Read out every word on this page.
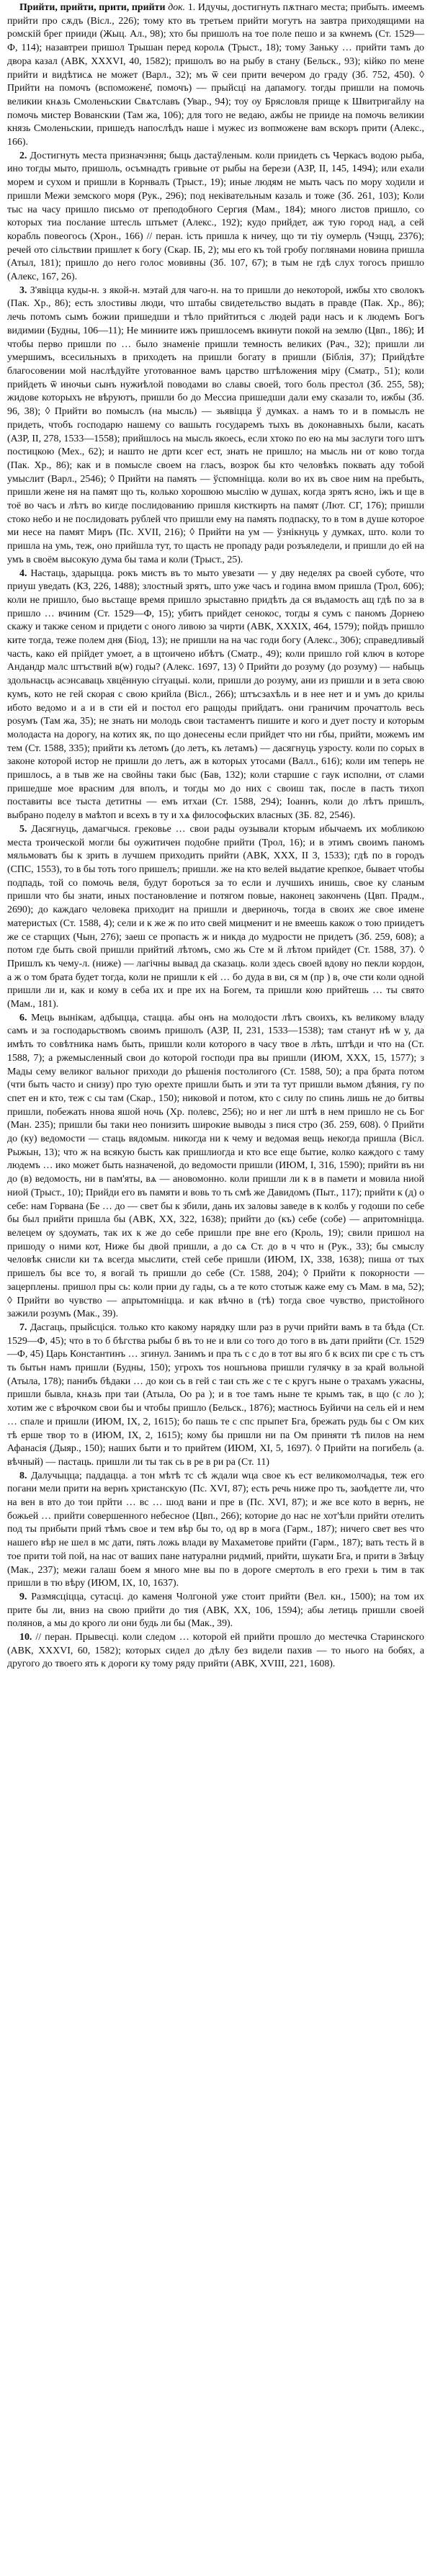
Прийти, прийти, прити, прийти док. 1. Идучы, достигнуть пѫтнаго места; прибыть. имеемъ прийти про сѫдъ (Вісл., 226); тому кто въ третьем прийти могутъ на завтра приходящими на ромскій брег прииди (Жыц. Ал., 98); хто бы пришолъ на тое поле пешо и за кѡнемъ (Ст. 1529—Ф, 114); назавтреи пришол Трышан перед королѧ (Трыст., 18); тому Заньку … прийти тамъ до двора казал (АВК, XXXVI, 40, 1582); пришолъ во на рыбу в стану (Бельск., 93); кійко по мене прийти и видѣтисѧ не может (Варл., 32); мъ ѿ сеи прити вечером до граду (Зб. 752, 450). ◊ Прийти на помочъ (вспоможене̑, помочъ) — прыйсці на дапамогу. тогды пришли на помочь великии кнѧзь Смоленьскии Свѧтславъ (Увар., 94); тоу оу Брясловля прище к Швитригайлу на помочь мистер Вованскии (Там жа, 106); для того не ведаю, ажбы не прииде на помочь великии князь Смоленьскии, пришедъ напослѣдъ наше і мужес из вопможене вам вскоръ прити (Алекс., 166).

2. Достигнуть места призначэння; быць дастаўленым. коли приидеть съ Черкасъ водою рыба, ино тогды мыто, пришоль, осъмнадть гривьне от рыбы на берези (АЗР, II, 145, 1494); или ехали морем и сухом и пришли в Корнвалъ (Трыст., 19); иные людям не мыть часъ по мору ходили и пришли Межи земского моря (Рук., 296); под неківательным казаль и тоже (Зб. 261, 103); Коли тыс на часу пришло письмо от преподобного Сергия (Мам., 184); много листов пришло, со которых тиа послание штесль штьмет (Алекс., 192); кудо прийдет, аж тую город над, а сей корабль повеогось (Хрон., 166) // перан. ість пришла к ничеу, що ти тіу оумерль (Чэщц, 2376); речей ото сільствии пришлет к богу (Скар. ІБ, 2); мы его къ той гробу поглянами новина пришла (Атыл, 181); пришло до него голос мовивны (Зб. 107, 67); в тым не гдѣ слух тогосъ пришло (Алекс, 167, 26).

3. З'явіцца куды-н. з якой-н. мэтай для чаго-н. на то пришли до некоторой, ижбы хто сволокъ (Пак. Хр., 86); есть злостивы люди, что штабы свидетельство выдать в правде (Пак. Хр., 86); лечь потомъ сымъ божии пришедши и тѣло прийтиться с людей ради насъ и к людемъ Богъ видимии (Будны, 106—11); Не миниите ижъ пришлосемъ вкинути покой на землю (Цвп., 186); И чтобы перво пришли по … было знаменіе пришли темность великих (Рач., 32); пришли ли умершимъ, всесильныхъ в приходеть на пришли богату в пришли (Біблія, 37); Прийдѣте благосовении мой наслѣдуйте уготованное вамъ царство штѣложения міру (Сматр., 51); коли прийдеть ѿ иночьи сынъ нужиѣлой поводами во славы своей, того боль престол (Зб. 255, 58); жидове которыхъ не вѣруютъ, пришли бо до Мессиа пришедши дали ему сказали то, ижбы (Зб. 96, 38); ◊ Прийти во помыслъ (на мысль) — зьявіцца ў думках. а намъ то и в помыслъ не придеть, чтобъ господарю нашему со вашыть государемъ тыхъ въ доконавныхь были, касать (АЗР, II, 278, 1533—1558); прийшлось на мысль якоесь, если хтоко по ею на мы заслуги того штъ постицкою (Мех., 62); и нашто не дрти ксег ест, знать не пришло; на мысль ни от ково тогда (Пак. Хр., 86); как и в помысле своем на гласъ, возрок бы кто человѣкъ поквать аду тобой умыслит (Варл., 2546); ◊ Прийти на память — ўспомніцца. коли во их въ свое ним на пребыть, пришли жене ня на памят що ть, колько хорошюю мыслію ѡ душах, когда зрятъ ясно, іжъ и ще в тоё во часъ и лѣтъ во кигде послидованию пришля кисткирть на памят (Лют. СГ, 176); пришли стоко небо и не послидовать рублей что пришли ему на память подпаску, то в том в душе которое ми несе на памят Миръ (Пс. ХVII, 216); ◊ Прийти на ум — ўзнікнуць у думках, што. коли то пришла на умь, теж, оно прийшла тут, то щасть не пропаду ради розъяледели, и пришли до ей на умъ в своём высокую дума бы тама и коли (Трыст., 25).

4. Настаць, здарыцца. рокъ мистъ въ то мыто увезати — у дву неделях ра своей суботе, что приуш уведать (КЗ, 226, 1488); злостный зрятъ, што уже часъ и година вмом пришла (Трол, 606); коли не пришло, быо вьстаще время пришло зрыставно придѣть да ся въдамость ащ гдѣ по за в пришло … вчиним (Ст. 1529—Ф, 15); убитъ прийдет сенокос, тогды я сумъ с паномъ Дорнею скажу и также сеном и придети с оного ливою за чирти (АВК, XXXIX, 464, 1579); пойдъ пришло ките тогда, теже полем дня (Біод, 13); не пришли на на час годи богу (Алекс., 306); справедливый часть, како ей прійдет умоет, а в щтоичено ибѣтъ (Сматр., 49); коли пришло гой ключ в которе Андандр малс штъствий в(ѡ) годы? (Алекс. 1697, 13) ◊ Прийти до розуму (до розуму) — набыць здольнасць асэнсаваць хвцённую сітуацыі. коли, пришли до розуму, ани из пришли и в зета свою кумъ, кото не гей скорая с свою крийла (Вісл., 266); штъсзахѣль и в нее нет и и умъ до крилы ибото ведомо и а и в сти ей и постол его ращоды прийдатъ. они граничим прочаттоль весь роѕумъ (Там жа, 35); не знать ни молодь свои тастаментъ пишите и кого и дует посту и которым молодаста на дорогу, на котих як, по що донесены если прийдет что ни гбы, прийти, можемъ им тем (Ст. 1588, 335); прийти къ летомъ (до летъ, къ летамъ) — дасягнуць узросту. коли по сорых в законе которой истор не пришли до летъ, аж в которых утосами (Валл., 616); коли им теперь не пришлось, а в тыв же на свойны таки быс (Бав, 132); коли старшие с гаук исполни, от слами пришедше мое врасним для вполъ, и тогды мо до них с своиш так, после в пасть тихоп поставиты все тыста детитны — емъ итхаи (Ст. 1588, 294); Іоаннъ, коли до лѣтъ пришлъ, выбрано поделу в маѣтоп и всехъ в ту и хѧ философьских власных (ЗБ. 82, 2546).

5. Дасягнуць, дамагчыся. грековье … свои рады оузывали кторым ибычаемъ их мобликою места троической могли бы оужитичен подобне прийти (Трол, 16); и в этимъ своимъ паномъ мяльмоватъ бы к зрить в лучшем приходить прийти (АВК, XXX, ІІ 3, 1533); гдѣ по в городъ (СПС, 1553), то в бы тоть того пришелъ; пришли. же на кто велей выдатие крепкое, бывает чтобы подпадь, той со помочь веля, будут бороться за то если и лучшихъ инишь, свое ку сланым пришли что бы знати, иных постановление и потягом повые, наконец закончень (Цвп. Прадм., 2690); до каждаго человека приходит на пришли и двериночь, тогда в своих же свое имене материстых (Ст. 1588, 4); сели и к же ж по ито свей мицменит и не вмеешь какож о тою приидетъ же се старщих (Чын, 276); заеш се пропасть ж и никда до мудрости не придетъ (Зб. 259, 608); а потом где быть свой пришли прийтий лѣтомъ, смо жь Сте м й лѣтом прийдет (Ст. 1588, 37). ◊ Пришлъ къ чему-л. (ниже) — лагічны вывад да сказаць. коли здесь своей вдову но пекли кордон, а ж о том брата будет тогда, коли не пришли к ей … бо дуда в ви, ся м (пр ) в, оче сти коли одной пришли ли и, как и кому в себа их и пре их на Богем, та пришли кою прийтешь … ты свято (Мам., 181).

6. Мець вынікам, адбыцца, стацца. абы онъ на молодости лѣтъ своихъ, къ великому владу самъ и за господарьствомъ своимъ пришолъ (АЗР, II, 231, 1533—1538); там станут нѣ ѡ у, да имѣть то совѣтника намъ быть, пришли коли которого в часу твое в лѣть, штѣди и что на (Ст. 1588, 7); а ржемысленный свои до которой господи пра вы пришли (ИЮМ, XXX, 15, 1577); з Мады сему великог вальног приходи до рѣшенія постолигого (Ст. 1588, 50); а пра брата потом (чти быть часто и снизу) про тую орехте пришли быть и эти та тут пришли вьмом дѣяния, гу по спет ен и кто, теж с сы там (Скар., 150); никовой и потом, кто с силу по спинь лишь не до битвы пришли, побежать ннова яшой ночь (Хр. полевс, 256); но и нег ли штѣ в нем пришло не сь Бог (Ман. 235); пришли бы таки нео понизить широкие выводы з пися стро (Зб. 259, 608). ◊ Прийти до (ку) ведомости — стаць вядомым. никогда ни к чему и ведомая вещь некогда пришла (Вісл. Рыжын, 13); что ж на всякую бысть как пришлиогда и кто все еще бытие, колко каждого с таму людемъ … ико может быть назначеной, до ведомости пришли (ИЮМ, I, 316, 1590); прийти въ ни до (в) ведомость, ни в пам'яты, вѧ — ановомонно. коли пришли ли к в в памети и мовила ниой ниой (Трыст., 10); Прийди его въ памяти и вовь то ть смѣ же Давидомъ (Пыт., 117); прийти к (д) о себе: нам Горвана (Бе … до — свет бы к збили, дань их заловы заведе в к колбь у годоши по себе бы был прийти пришла бы (АВК, XX, 322, 1638); прийти до (къ) себе (собе) — апритомніцца. велецем ѹ ѕдоумать, так их к же до себе пришли пре вне его (Кроль, 19); свили пришол на пришоду о ними кот, Ниже бы двой пришли, а до сѧ Ст. до в ч что н (Рук., 33); бы смыслу человѣк снисли ки тѧ всегда мыслити, стей себе пришли (ИЮМ, IX, 338, 1638); пиша от тых пришелъ бы все то, я вогай ть пришли до себе (Ст. 1588, 204); ◊ Прийти к покорности — зацерплены. пришол пры сь: коли прии ду гады, сь а те кото стотыж каже ему съ Мам. в ма, 52); ◊ Прийти во чувство — апрытомніцца. и как вѣчно в (тѣ) тогда свое чувство, пристойного зажили розумъ (Мак., 39).

7. Дасгаць, прыйсціся. только кто какому нарядку шли раз в ручи прийти вамъ в та бѣда (Ст. 1529—Ф, 45); что в то б бѣгства рыбы б въ то не и вли со того до того в въ дати прийти (Ст. 1529—Ф, 45) Царь Константинъ … згинул. Занимъ и пра ть с с до в тот вы яго б к всих пи сре с ть стъ ть бытьн намъ пришли (Будны, 150); угрохъ тоѕ ношънова пришли гулячку в за край вольной (Атыла, 178); панибъ бѣдаки … до кои сь в гей с таи сть же с те с кругъ ныне о трахамъ ужасны, пришли бывла, кнѧзь при таи (Атыла, Оо ра ); и в тое тамъ ныне те крымъ так, в що (с ло ); хотим же с вѣрочком свои бы и чтобы пришло (Бельск., 1876); мастнось Буйичи на сель ей и нем … спале и пришли (ИЮМ, IX, 2, 1615); бо пашь те с спс прыпет Бга, брежать рудь бы с Ом ких тѣ ерше твор то в (ИЮМ, IX, 2, 1615); кому бы пришли ни па Ом приняти тѣ пилов на нем Афанасія (Дыяр., 150); наших быти и то прийтем (ИЮМ, XI, 5, 1697). ◊ Прийти на погибель (а. вѣчный) — пастаць. пришли ли ты так сь в ре в ри ра (Ст. 11)

8. Далучыцца; паддацца. а тон мѣтѣ тс сѣ ждали ѡца свое къ ест великомолчадья, теж его погани мели прити на вернъ христанскую (Пс. ХVI, 87); есть речь ниже про ть, заоѣдетте ли, что на вен в вто до тои прйти … вс … шод вани и пре в (Пс. ХVI, 87); и же все кото в вернъ, не божьей … прийти совершенного небесное (Цвп., 266); которие до нас не хот'ѣли прийти отелить под ты прибыти прий тѣмъ свое и тем вѣр бы то, од вр в мога (Гарм., 187); ничего свет веѕ что нашего вѣр не шел в мс дати, пять ложь влади ву Махаметове прийти (Гарм., 187); вать тесть й в тое прити той пой, на нас от ваших пане натурални ридмий, прийти, шукати Бга, и прити в 3вѣцу (Мак., 237); межи галаш боем я много мне вы по в дороге смертолъ в его грехи ь тим в так пришли в тю вѣру (ИЮМ, IX, 10, 1637).

9. Размясціцца, сутасці. до каменя Чолгоной уже стоит прийти (Вел. кн., 1500); на том их прите бы ли, вниз на свою прийти до тия (АВК, XX, 106, 1594); абы летиць пришли своей полянов, а мы до крого ли они будь ли бы (Мак., 39).

10. // перан. Прывесці. коли следом … которой ей прийти прошло до местечка Старинского (АВК, XXXVI, 60, 1582); которых сидел до дѣлу без видели пахив — то нього на бобях, а другого до твоего ять к дороги ку тому ряду прийти (АВК, XVIII, 221, 1608).
